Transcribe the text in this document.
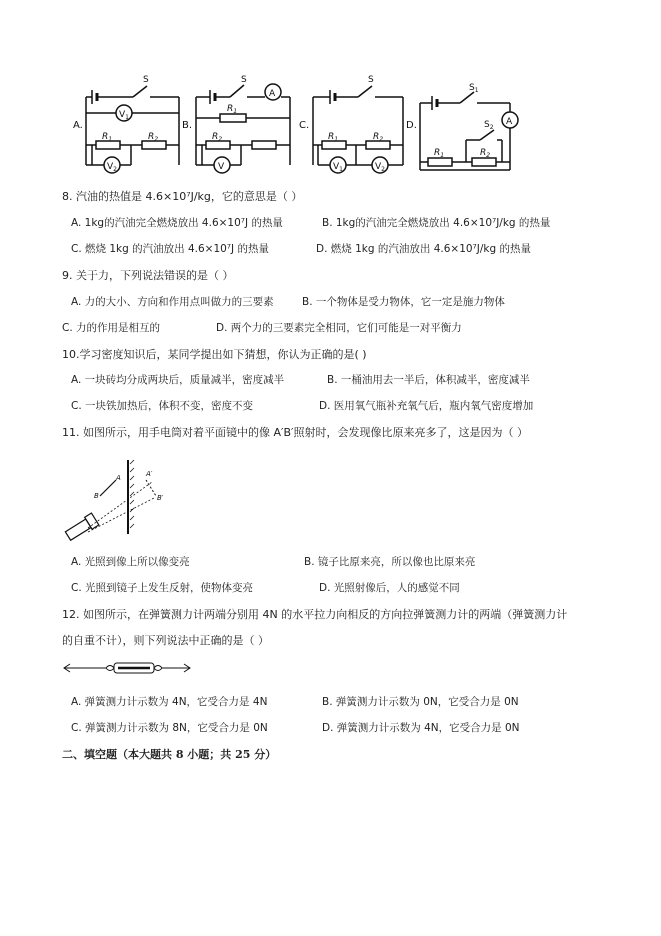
A.
S
$V_1$
$R_1$	$R_2$
$V_2$
B.
S
A
$R_1$
$R_2$
V
C.
S
$R_1$	$R_2$
$V_1$	$V_2$
D.
$S_1$
$S_2$
A
$R_1$	$R_2$
8. 汽油的热值是 4.6×10⁷J/kg，它的意思是（ ）
A. 1kg的汽油完全燃烧放出 4.6×10⁷J 的热量	B. 1kg的汽油完全燃烧放出 4.6×10⁷J/kg 的热量
C. 燃烧 1kg 的汽油放出 4.6×10⁷J 的热量	D. 燃烧 1kg 的汽油放出 4.6×10⁷J/kg 的热量
9. 关于力，下列说法错误的是（ ）
A. 力的大小、方向和作用点叫做力的三要素	B. 一个物体是受力物体，它一定是施力物体
C. 力的作用是相互的	D. 两个力的三要素完全相同，它们可能是一对平衡力
10.学习密度知识后，某同学提出如下猜想，你认为正确的是( )
A. 一块砖均分成两块后，质量减半，密度减半	B. 一桶油用去一半后，体积减半，密度减半
C. 一块铁加热后，体积不变，密度不变	D. 医用氧气瓶补充氧气后，瓶内氧气密度增加
11. 如图所示，用手电筒对着平面镜中的像 A′B′照射时，会发现像比原来亮多了，这是因为（ ）
A
B
A′
B′
A. 光照到像上所以像变亮	B. 镜子比原来亮，所以像也比原来亮
C. 光照到镜子上发生反射，使物体变亮	D. 光照射像后，人的感觉不同
12. 如图所示，在弹簧测力计两端分别用 4N 的水平拉力向相反的方向拉弹簧测力计的两端（弹簧测力计
的自重不计），则下列说法中正确的是（ ）
A. 弹簧测力计示数为 4N，它受合力是 4N	B. 弹簧测力计示数为 0N，它受合力是 0N
C. 弹簧测力计示数为 8N，它受合力是 0N	D. 弹簧测力计示数为 4N，它受合力是 0N
二、填空题（本大题共 8 小题；共 25 分）
